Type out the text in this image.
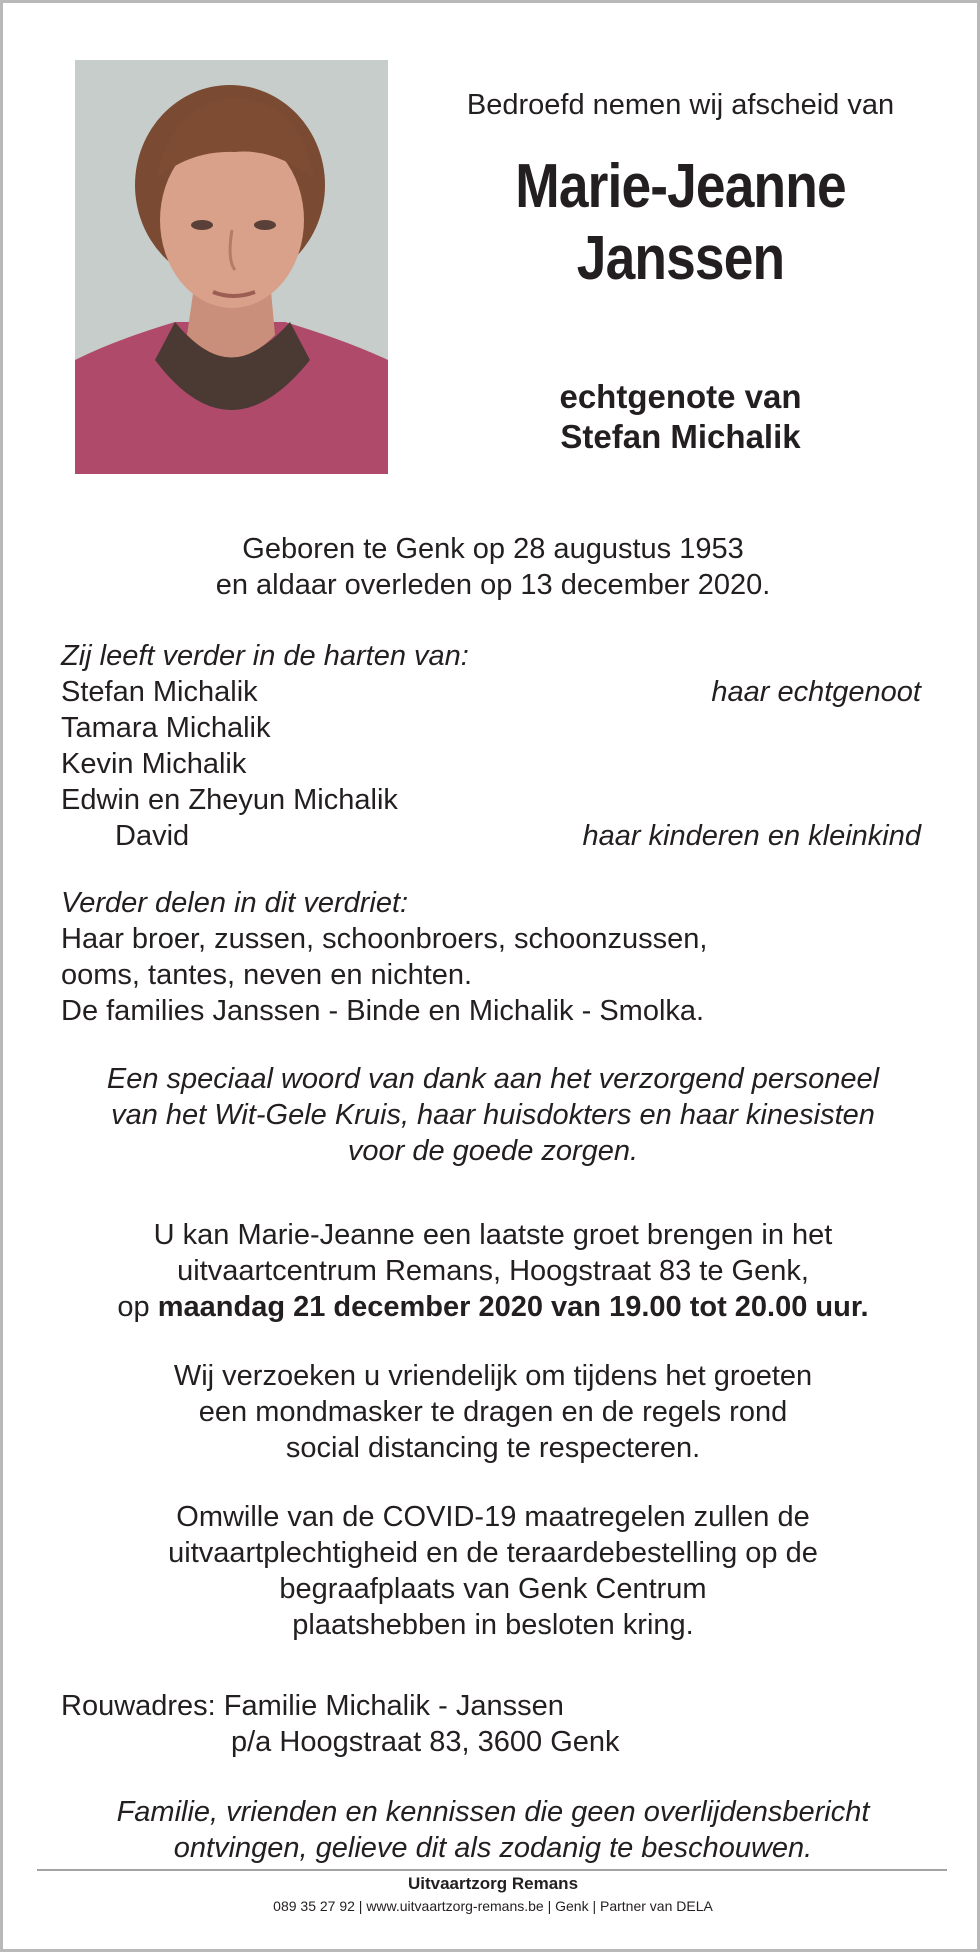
Bedroefd nemen wij afscheid van
Marie-Jeanne
Janssen
echtgenote van
Stefan Michalik
Geboren te Genk op 28 augustus 1953
en aldaar overleden op 13 december 2020.
Zij leeft verder in de harten van:
Stefan Michalik	haar echtgenoot
Tamara Michalik
Kevin Michalik
Edwin en Zheyun Michalik
David	haar kinderen en kleinkind
Verder delen in dit verdriet:
Haar broer, zussen, schoonbroers, schoonzussen,
ooms, tantes, neven en nichten.
De families Janssen - Binde en Michalik - Smolka.
Een speciaal woord van dank aan het verzorgend personeel
van het Wit-Gele Kruis, haar huisdokters en haar kinesisten
voor de goede zorgen.
U kan Marie-Jeanne een laatste groet brengen in het
uitvaartcentrum Remans, Hoogstraat 83 te Genk,
op maandag 21 december 2020 van 19.00 tot 20.00 uur.
Wij verzoeken u vriendelijk om tijdens het groeten
een mondmasker te dragen en de regels rond
social distancing te respecteren.
Omwille van de COVID-19 maatregelen zullen de
uitvaartplechtigheid en de teraardebestelling op de
begraafplaats van Genk Centrum
plaatshebben in besloten kring.
Rouwadres: Familie Michalik - Janssen
p/a Hoogstraat 83, 3600 Genk
Familie, vrienden en kennissen die geen overlijdensbericht
ontvingen, gelieve dit als zodanig te beschouwen.
Uitvaartzorg Remans
089 35 27 92 | www.uitvaartzorg-remans.be | Genk | Partner van DELA
